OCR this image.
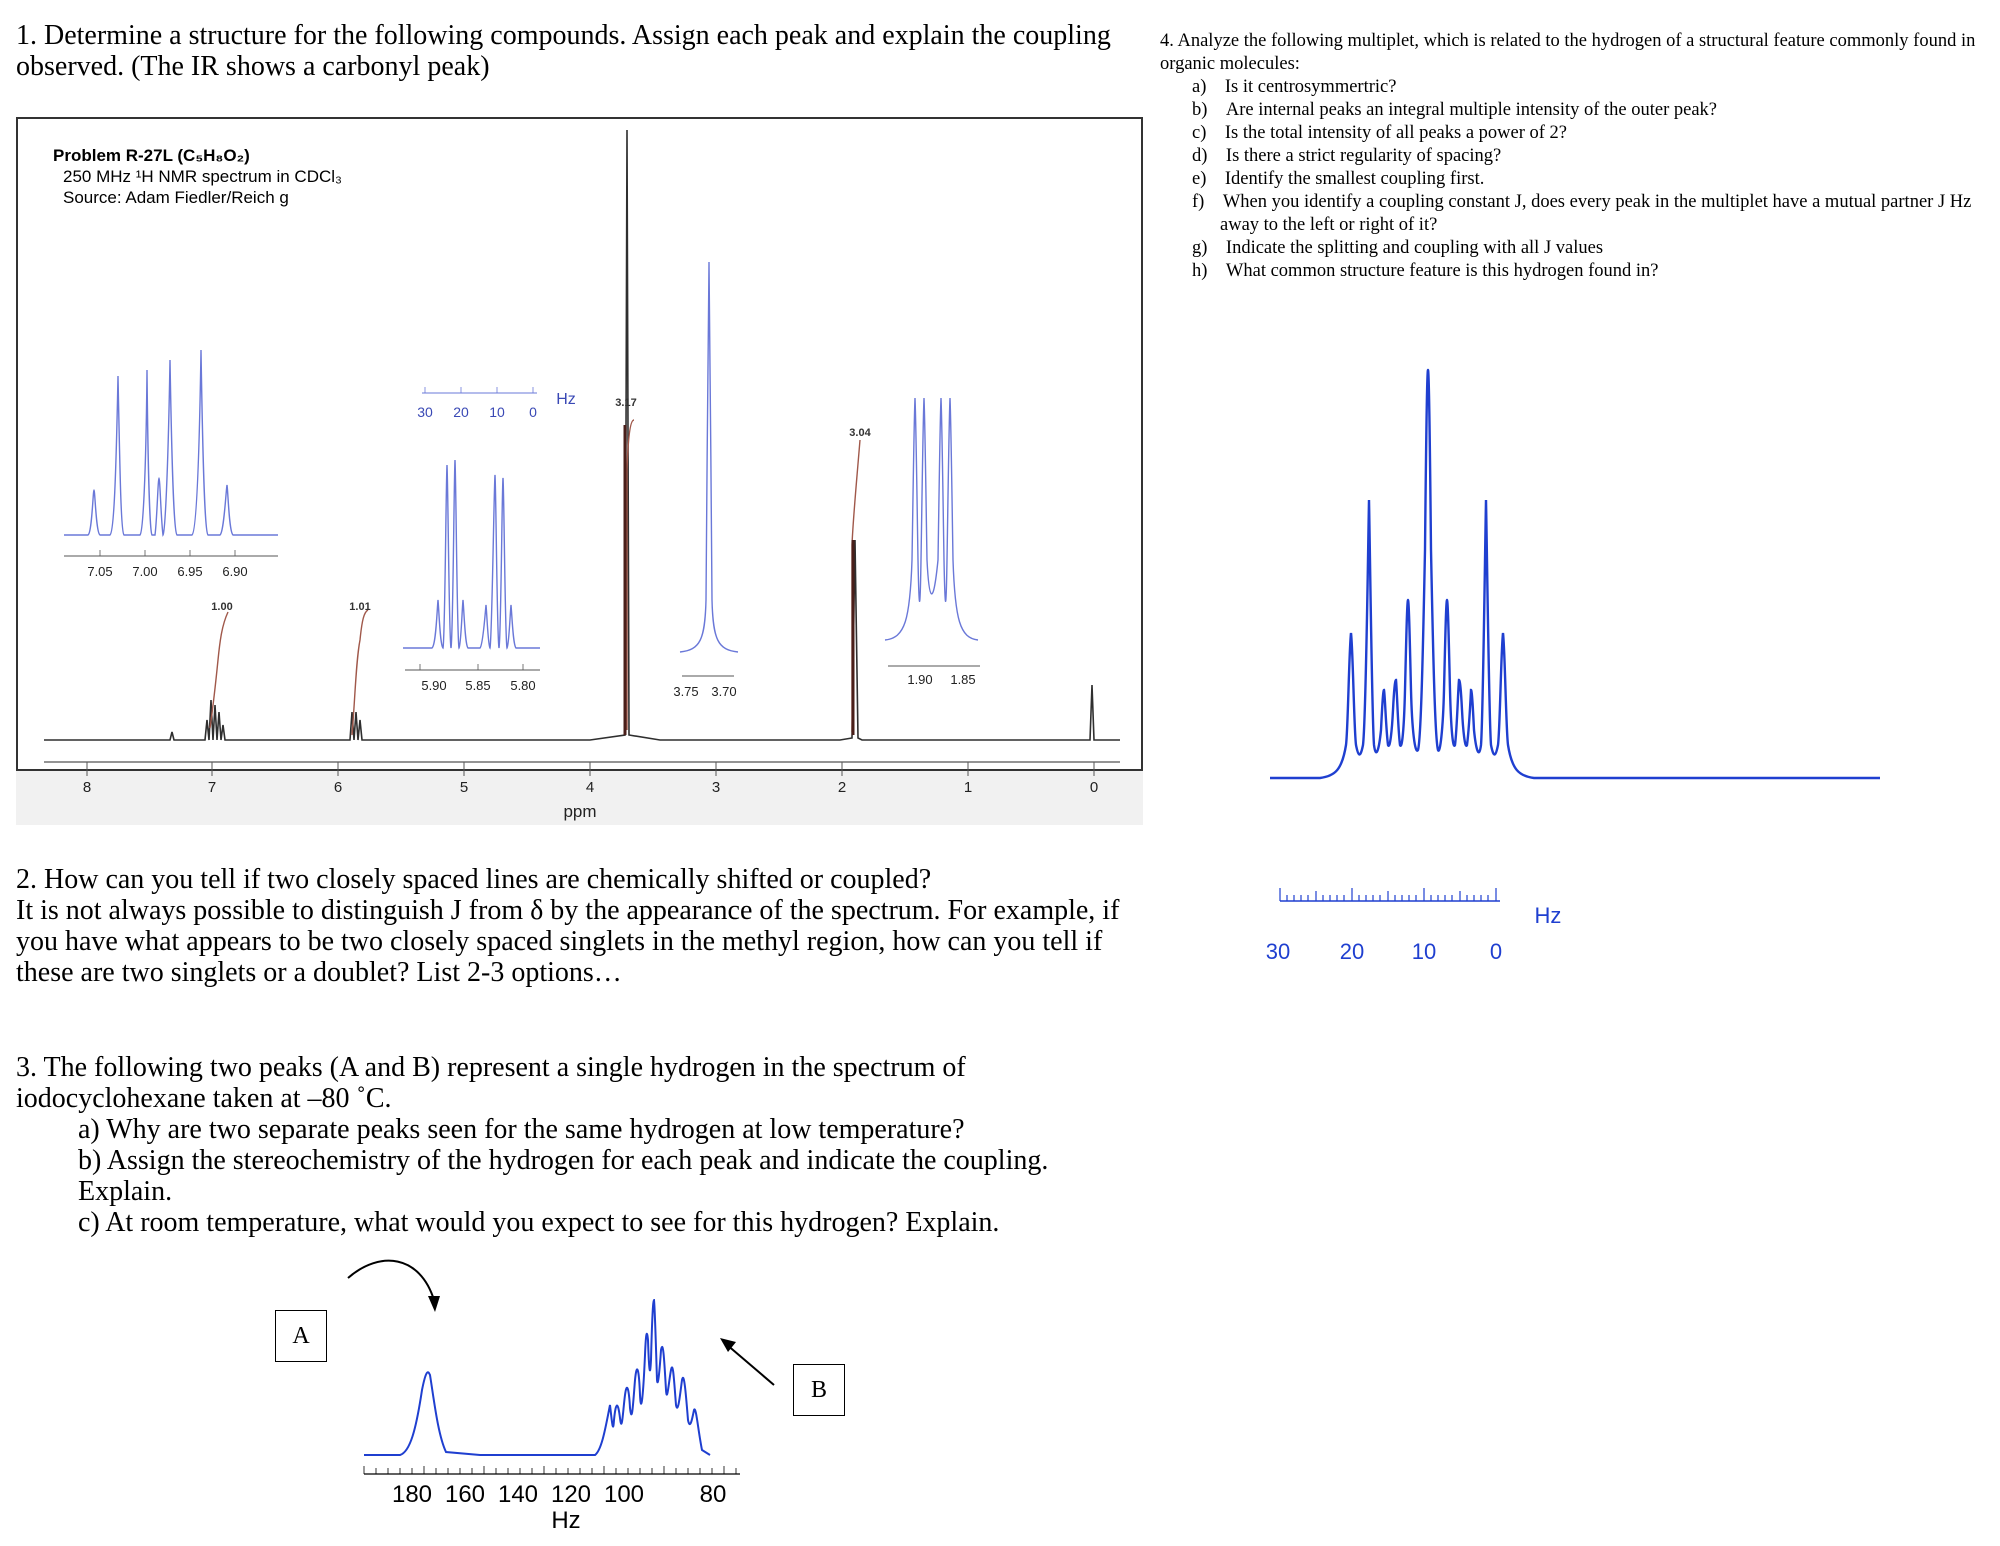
1. Determine a structure for the following compounds. Assign each peak and explain the coupling observed. (The IR shows a carbonyl peak)
Problem R-27L (C₅H₈O₂)
250 MHz ¹H NMR spectrum in CDCl₃
Source: Adam Fiedler/Reich g
8	7	6	5	4	3	2	1	0
ppm
1.00	1.01
3.17
3.04
7.05 7.00 6.95 6.90
5.90 5.85 5.80
30 20 10 0
Hz
3.75 3.70
1.90 1.85
2. How can you tell if two closely spaced lines are chemically shifted or coupled?
It is not always possible to distinguish J from δ by the appearance of the spectrum. For example, if you have what appears to be two closely spaced singlets in the methyl region, how can you tell if these are two singlets or a doublet? List 2-3 options…
3. The following two peaks (A and B) represent a single hydrogen in the spectrum of iodocyclohexane taken at –80 ˚C.
a) Why are two separate peaks seen for the same hydrogen at low temperature?
b) Assign the stereochemistry of the hydrogen for each peak and indicate the coupling. Explain.
c) At room temperature, what would you expect to see for this hydrogen? Explain.
A
B
180 160 140 120 100 80
Hz
4. Analyze the following multiplet, which is related to the hydrogen of a structural feature commonly found in organic molecules:
a) Is it centrosymmertric?
b) Are internal peaks an integral multiple intensity of the outer peak?
c) Is the total intensity of all peaks a power of 2?
d) Is there a strict regularity of spacing?
e) Identify the smallest coupling first.
f) When you identify a coupling constant J, does every peak in the multiplet have a mutual partner J Hz away to the left or right of it?
g) Indicate the splitting and coupling with all J values
h) What common structure feature is this hydrogen found in?
30 20 10 0
Hz
